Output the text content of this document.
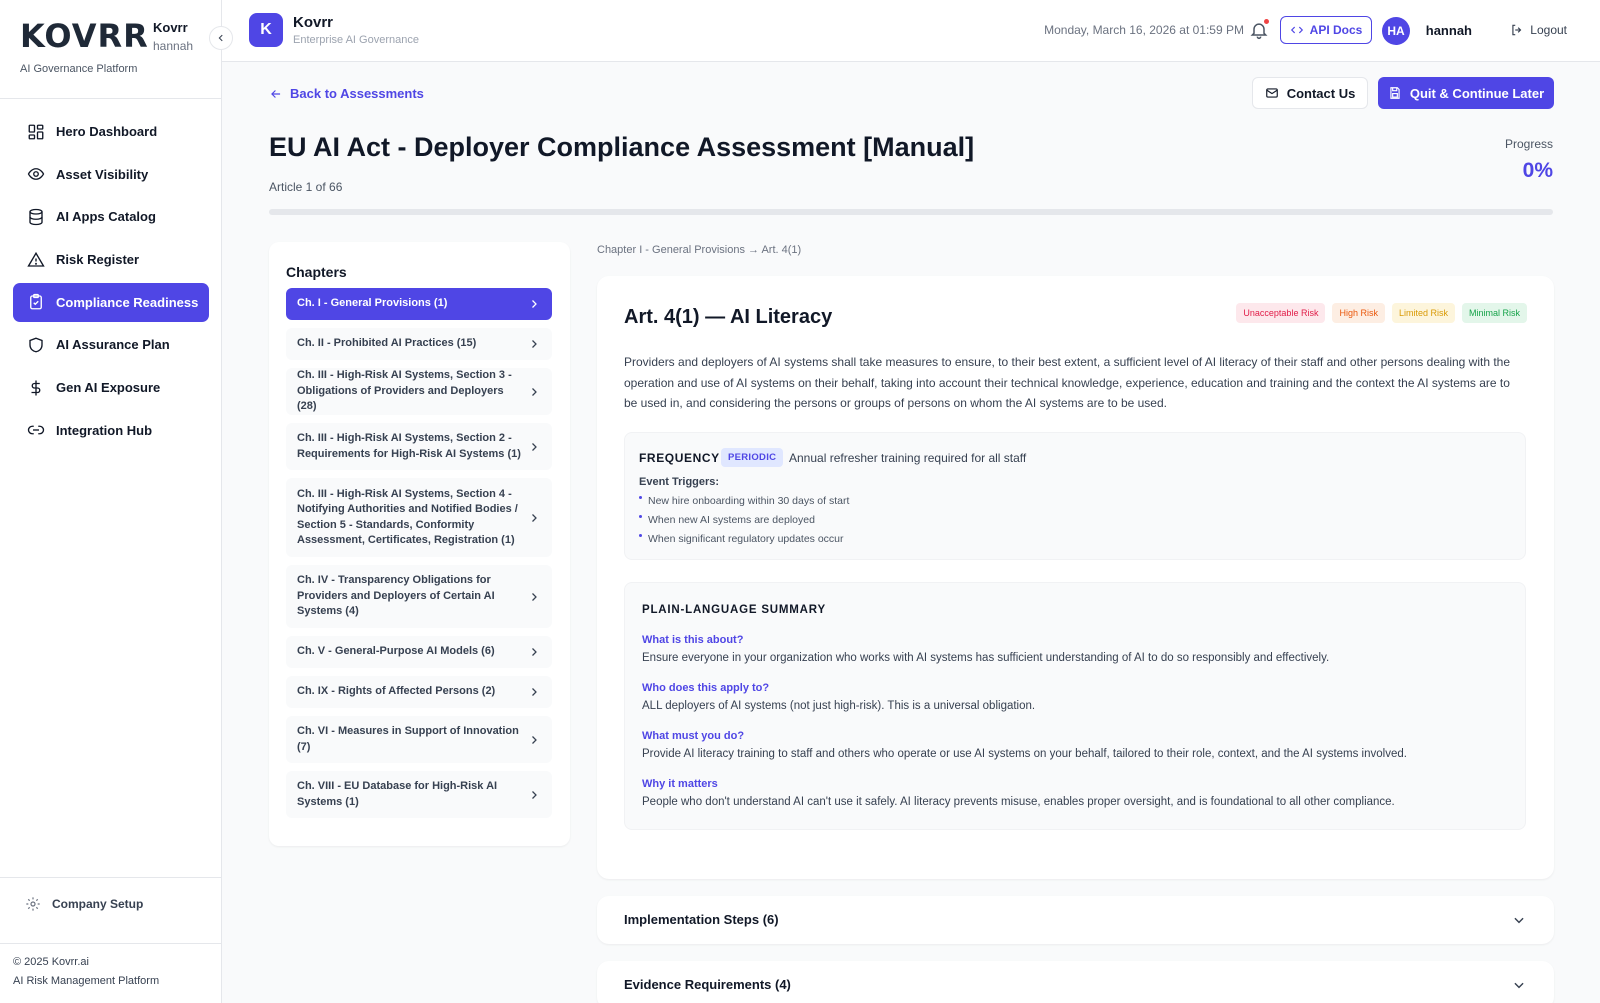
KOVRR Kovrr
hannah
AI Governance Platform
Hero Dashboard
Asset Visibility
AI Apps Catalog
Risk Register
Compliance Readiness
AI Assurance Plan
Gen AI Exposure
Integration Hub
Company Setup
© 2025 Kovrr.ai
AI Risk Management Platform
K	Kovrr
Enterprise AI Governance
Monday, March 16, 2026 at 01:59 PM	API Docs	HA	hannah	Logout
Back to Assessments	Contact Us	Quit & Continue Later
EU AI Act - Deployer Compliance Assessment [Manual]
Article 1 of 66
Progress
0%
Chapters
Ch. I - General Provisions (1)
Ch. II - Prohibited AI Practices (15)
Ch. III - High-Risk AI Systems, Section 3 - Obligations of Providers and Deployers (28)
Ch. III - High-Risk AI Systems, Section 2 - Requirements for High-Risk AI Systems (1)
Ch. III - High-Risk AI Systems, Section 4 - Notifying Authorities and Notified Bodies / Section 5 - Standards, Conformity Assessment, Certificates, Registration (1)
Ch. IV - Transparency Obligations for Providers and Deployers of Certain AI Systems (4)
Ch. V - General-Purpose AI Models (6)
Ch. IX - Rights of Affected Persons (2)
Ch. VI - Measures in Support of Innovation (7)
Ch. VIII - EU Database for High-Risk AI Systems (1)
Chapter I - General Provisions → Art. 4(1)
Art. 4(1) — AI Literacy	Unacceptable Risk	High Risk	Limited Risk	Minimal Risk

Providers and deployers of AI systems shall take measures to ensure, to their best extent, a sufficient level of AI literacy of their staff and other persons dealing with the operation and use of AI systems on their behalf, taking into account their technical knowledge, experience, education and training and the context the AI systems are to be used in, and considering the persons or groups of persons on whom the AI systems are to be used.

FREQUENCY PERIODIC	Annual refresher training required for all staff
Event Triggers:
New hire onboarding within 30 days of start
When new AI systems are deployed
When significant regulatory updates occur
PLAIN-LANGUAGE SUMMARY
What is this about?
Ensure everyone in your organization who works with AI systems has sufficient understanding of AI to do so responsibly and effectively.
Who does this apply to?
ALL deployers of AI systems (not just high-risk). This is a universal obligation.
What must you do?
Provide AI literacy training to staff and others who operate or use AI systems on your behalf, tailored to their role, context, and the AI systems involved.
Why it matters
People who don't understand AI can't use it safely. AI literacy prevents misuse, enables proper oversight, and is foundational to all other compliance.
Implementation Steps (6)
Evidence Requirements (4)
